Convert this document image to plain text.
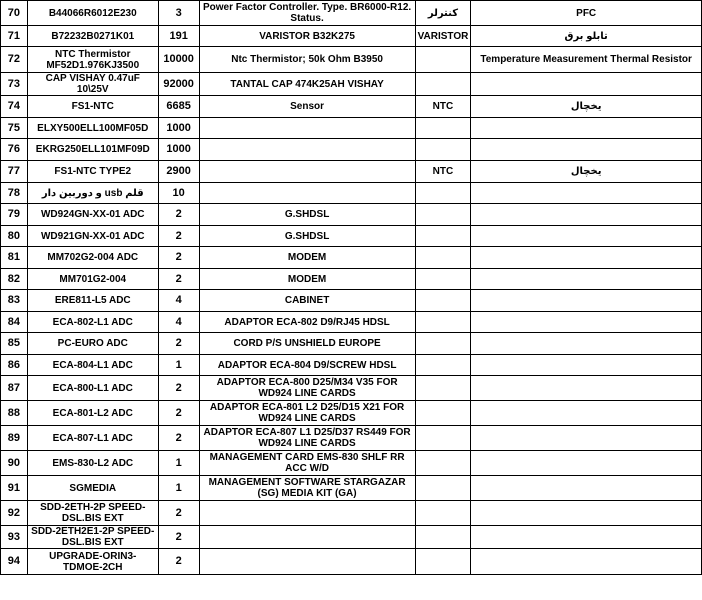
70	B44066R6012E230	3	Power Factor Controller. Type. BR6000-R12. Status.	کنترلر	PFC
71	B72232B0271K01	191	VARISTOR B32K275	VARISTOR	تابلو برق
72	NTC Thermistor MF52D1.976KJ3500	10000	Ntc Thermistor; 50k Ohm B3950		Temperature Measurement Thermal Resistor
73	CAP VISHAY 0.47uF 10\25V	92000	TANTAL CAP 474K25AH VISHAY		
74	FS1-NTC	6685	Sensor	NTC	یخچال
75	ELXY500ELL100MF05D	1000			
76	EKRG250ELL101MF09D	1000			
77	FS1-NTC TYPE2	2900		NTC	یخچال
78	قلم usb و دوربین دار	10			
79	WD924GN-XX-01 ADC	2	G.SHDSL		
80	WD921GN-XX-01 ADC	2	G.SHDSL		
81	MM702G2-004 ADC	2	MODEM		
82	MM701G2-004	2	MODEM		
83	ERE811-L5 ADC	4	CABINET		
84	ECA-802-L1 ADC	4	ADAPTOR ECA-802 D9/RJ45 HDSL		
85	PC-EURO ADC	2	CORD P/S UNSHIELD EUROPE		
86	ECA-804-L1 ADC	1	ADAPTOR ECA-804 D9/SCREW HDSL		
87	ECA-800-L1 ADC	2	ADAPTOR ECA-800 D25/M34 V35 FOR WD924 LINE CARDS		
88	ECA-801-L2 ADC	2	ADAPTOR ECA-801 L2 D25/D15 X21 FOR WD924 LINE CARDS		
89	ECA-807-L1 ADC	2	ADAPTOR ECA-807 L1 D25/D37 RS449 FOR WD924 LINE CARDS		
90	EMS-830-L2 ADC	1	MANAGEMENT CARD EMS-830 SHLF RR ACC W/D		
91	SGMEDIA	1	MANAGEMENT SOFTWARE STARGAZAR (SG) MEDIA KIT (GA)		
92	SDD-2ETH-2P SPEED-DSL.BIS EXT	2			
93	SDD-2ETH2E1-2P SPEED-DSL.BIS EXT	2			
94	UPGRADE-ORIN3-TDMOE-2CH	2			
